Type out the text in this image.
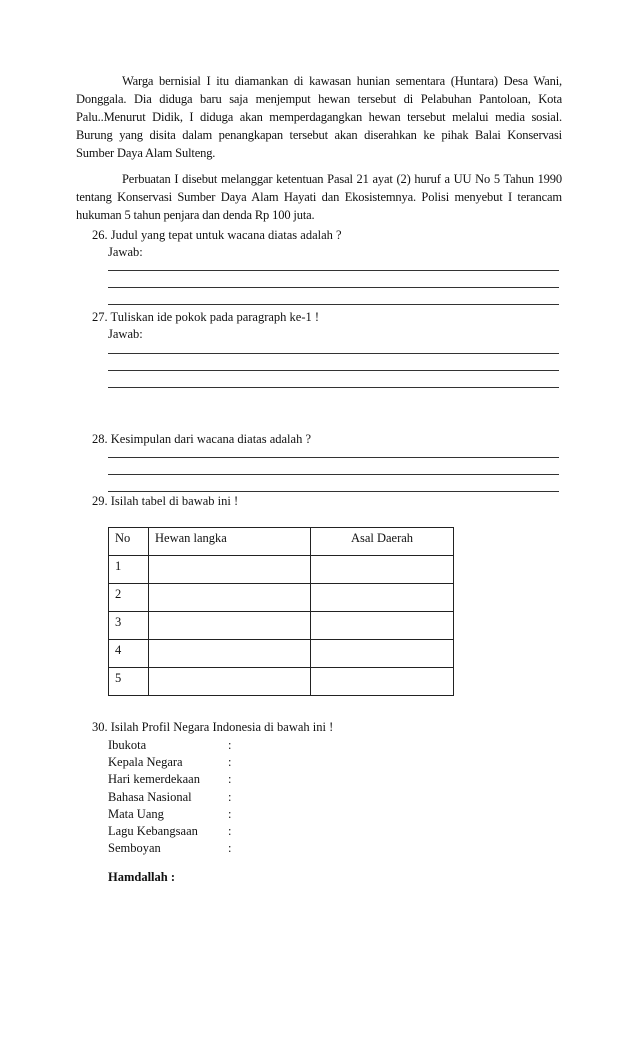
Warga bernisial I itu diamankan di kawasan hunian sementara (Huntara) Desa Wani, Donggala. Dia diduga baru saja menjemput hewan tersebut di Pelabuhan Pantoloan, Kota Palu..Menurut Didik, I diduga akan memperdagangkan hewan tersebut melalui media sosial. Burung yang disita dalam penangkapan tersebut akan diserahkan ke pihak Balai Konservasi Sumber Daya Alam Sulteng.

Perbuatan I disebut melanggar ketentuan Pasal 21 ayat (2) huruf a UU No 5 Tahun 1990 tentang Konservasi Sumber Daya Alam Hayati dan Ekosistemnya. Polisi menyebut I terancam hukuman 5 tahun penjara dan denda Rp 100 juta.

26. Judul yang tepat untuk wacana diatas adalah ?

Jawab:

27. Tuliskan ide pokok pada paragraph ke-1 !

Jawab:

28. Kesimpulan dari wacana diatas adalah ?

29. Isilah tabel di bawab ini !

No	Hewan langka	Asal Daerah
1		
2		
3		
4		
5		

30. Isilah Profil Negara Indonesia di bawah ini !

Ibukota	:
Kepala Negara	:
Hari kemerdekaan	:
Bahasa Nasional	:
Mata Uang	:
Lagu Kebangsaan	:
Semboyan	:

Hamdallah :
